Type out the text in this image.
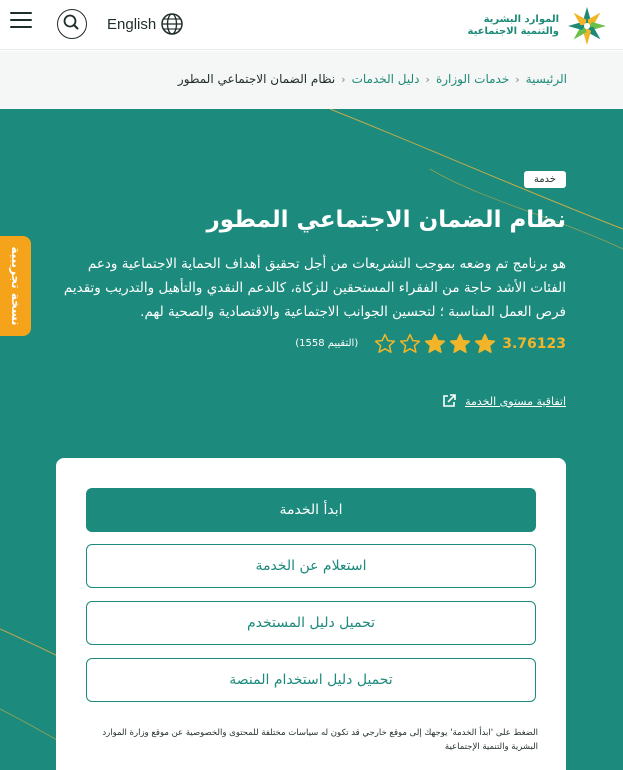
English	الموارد البشرية
والتنمية الاجتماعية
الرئيسية
‹
خدمات الوزارة
‹
دليل الخدمات
‹
نظام الضمان الاجتماعي المطور
خدمة
نظام الضمان الاجتماعي المطور
هو برنامج تم وضعه بموجب التشريعات من أجل تحقيق أهداف الحماية الاجتماعية ودعم الفئات الأشد حاجة من الفقراء المستحقين للزكاة، كالدعم النقدي والتأهيل والتدريب وتقديم فرص العمل المناسبة ؛ لتحسين الجوانب الاجتماعية والاقتصادية والصحية لهم.
3.76123
(التقييم 1558)
اتفاقية مستوى الخدمة
نسخة تجريبية
ابدأ الخدمة
استعلام عن الخدمة
تحميل دليل المستخدم
تحميل دليل استخدام المنصة
الضغط على 'ابدأ الخدمة' يوجهك إلى موقع خارجي قد تكون له سياسات مختلفة للمحتوى والخصوصية عن موقع وزارة الموارد البشرية والتنمية الإجتماعية
